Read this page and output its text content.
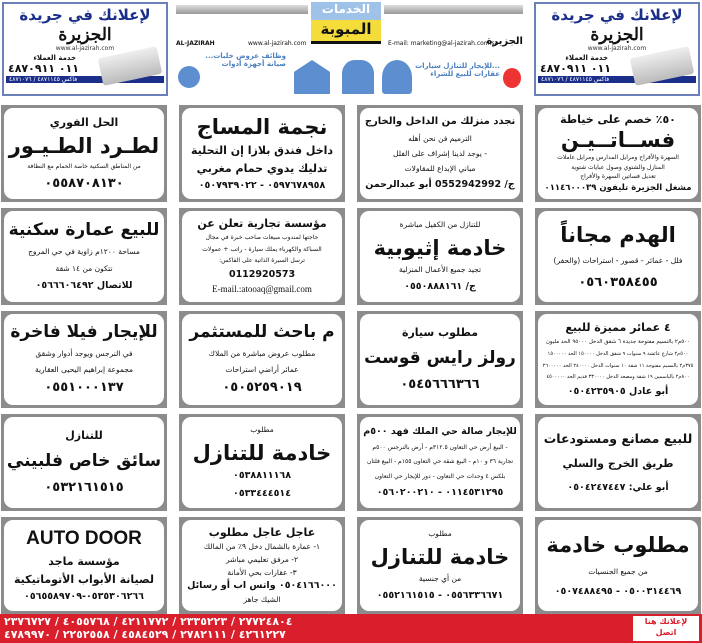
لإعلانك في جريدة
الجزيرة
www.al-jazirah.com
خدمة العملاء
٠١١ ٤٨٧٠٩١١
فاكس ٤٨٧١١٤٥ / ٤٨٧١٠٧٦
الخدمات
المبوبة
AL-JAZIRAH	www.al-jazirah.com	E-mail: marketing@al-jazirah.com.sa
الجزيرة
وظائف عروض خلبات...
صيانة أجهزة أدوات	...للإيجار للتنازل سيارات
عقارات للبيع للشراء
لإعلانك في جريدة
الجزيرة
www.al-jazirah.com
خدمة العملاء
٠١١ ٤٨٧٠٩١١
فاكس ٤٨٧١١٤٥ / ٤٨٧١٠٧٦
٥٠٪ خصم على خياطة
فســاتــيـن
السهرة والأفراح ومرايل المدارس ومرايل عاملات
المنازل والشتوي وصول عبايات شتوية
تعديل فساتين السهرة والأفراح
مشغل الجزيرة تليفون ٠١١٤٦٠٠٠٣٩
نجدد منزلك من الداخل والخارج
الترميم فن نحن أهله
- يوجد لدينا إشراف على الفلل
مباني الإبداع للمقاولات
ج/ 0552942992 أبو عبدالرحمن
نجمة المساج
داخل فندق بلازا إن التحلية
تدليك يدوي حمام مغربي
٠٥٩٧٦٧٨٩٥٨ - ٠٥٠٧٩٣٩٠٢٢
الحل الفوري
لطـرد الطـيـور
من المناطق السكنية خاصة الحمام مع النظافة
٠٥٥٨٧٠٨١٣٠
الهدم مجاناً
فلل - عمائر - قصور - استراحات (والحفر)
٠٥٦٠٣٥٨٤٥٥
للتنازل من الكفيل مباشرة
خادمة إثيوبية
تجيد جميع الأعمال المنزلية
ج/ ٠٥٥٠٨٨٨١٦١
مؤسسة تجارية تعلن عن
حاجتها لمندوب مبيعات صاحب خبرة في مجال
السباكة والكهرباء يملك سيارة - راتب + عمولات
ترسل السيرة الذاتية على الفاكس:
0112920573
E-mail.:atooaq@gmail.com
للبيع عمارة سكنية
مساحة ١٢٠٠م زاوية في حي المروج
تتكون من ١٤ شقة
للاتصال ٠٥٦٦٦٠٦٤٩٢
٤ عمائر مميزة للبيع
٥٠٠م٢ بالنسيم مفتوحة جديدة ٦ شقق الدخل ٩٥٠٠٠ الحد مليون
٥٠٠م٢ شارع عائشة ٩ سنوات ٩ شقق الدخل ١٥٠٠٠٠ الحد ١٥٠٠٠٠٠
٣٧٥م٢ بالنسيم مفتوحة ١١ شقة ١٠ سنوات الدخل ٢٤٠٠٠٠ الحد ٢٦٠٠٠٠٠
٨٠٠م٢ بالياسمين ١٩ شقة ومصعد الدخل ٣٣٠٠٠٠ قديم الحد ٤٥٠٠٠٠٠
أبو عادل ٠٥٠٤٢٣٥٩٠٥
مطلوب سيارة
رولز رايس قوست
٠٥٤٥٦٦٦٣٦٦
م باحث للمستثمر
مطلوب عروض مباشرة من الملاك
عمائر أراضي استراحات
٠٥٠٥٢٥٩٠١٩
للإيجار فيلا فاخرة
في النرجس ويوجد أدوار وشقق
مجموعة إبراهيم اليحيى العقارية
٠٥٥١٠٠٠١٣٧
للبيع مصانع ومستودعات
طريق الخرج والسلي
أبو علي: ٠٥٠٤٢٤٧٤٤٧
للإيجار صالة حي الملك فهد ٥٠٠م
- البيع أرض حي التعاون ٣١٢.٥م - أرض بالنرجس ٥٠٠م
تجارية ٣٦ و ١٠م - البيع شقة حي التعاون ١٥٥م - البيع فلتان
بلكس ٤ وحدات حي التعاون - دور للإيجار حي التعاون
٠١١٤٥٣١٢٩٥ - ٠٥٦٠٢٠٠٢١٠
مطلوب
خادمة للتنازل
٠٥٣٨٨١١١٦٨
٠٥٣٣٤٤٤٥١٤
للتنازل
سائق خاص فلبيني
٠٥٣٢١٦١٥١٥
مطلوب خادمة
من جميع الجنسيات
٠٥٠٠٣١٤٤٦٩ - ٠٥٠٧٤٨٨٤٩٥
مطلوب
خادمة للتنازل
من أي جنسية
٠٥٥٦٣٣٦٦٧١ - ٠٥٥٢١٦١٥١٥
عاجل عاجل مطلوب
١- عمارة بالشمال دخل ٩٪ من المالك
٢- مرفق تعليمي مباشر
٣- عقارات بحي الأمانة
٠٥٠٤١٦٦٠٠٠ واتس اب أو رسائل
الشيك جاهز
AUTO DOOR
مؤسسة ماجد
لصيانة الأبواب الأتوماتيكية
٠٥٣٥٣٠٦٢٦٦-٠٥٦٥٥٨٩٧٠٩
٢٧٧٢٤٨٠٤ / ٢٣٣٥٢٢٣ / ٤٢١١٧٧٢ / ٤٠٥٥٧٦٨ / ٢٣٧٦٧٢٧
٤٢٦١٢٢٧ / ٢٧٨٢١١١ / ٤٥٨٤٥٢٩ / ٢٢٥٢٥٥٨ / ٤٧٨٩٩٧٠
لإعلانك هنا
اتصل
